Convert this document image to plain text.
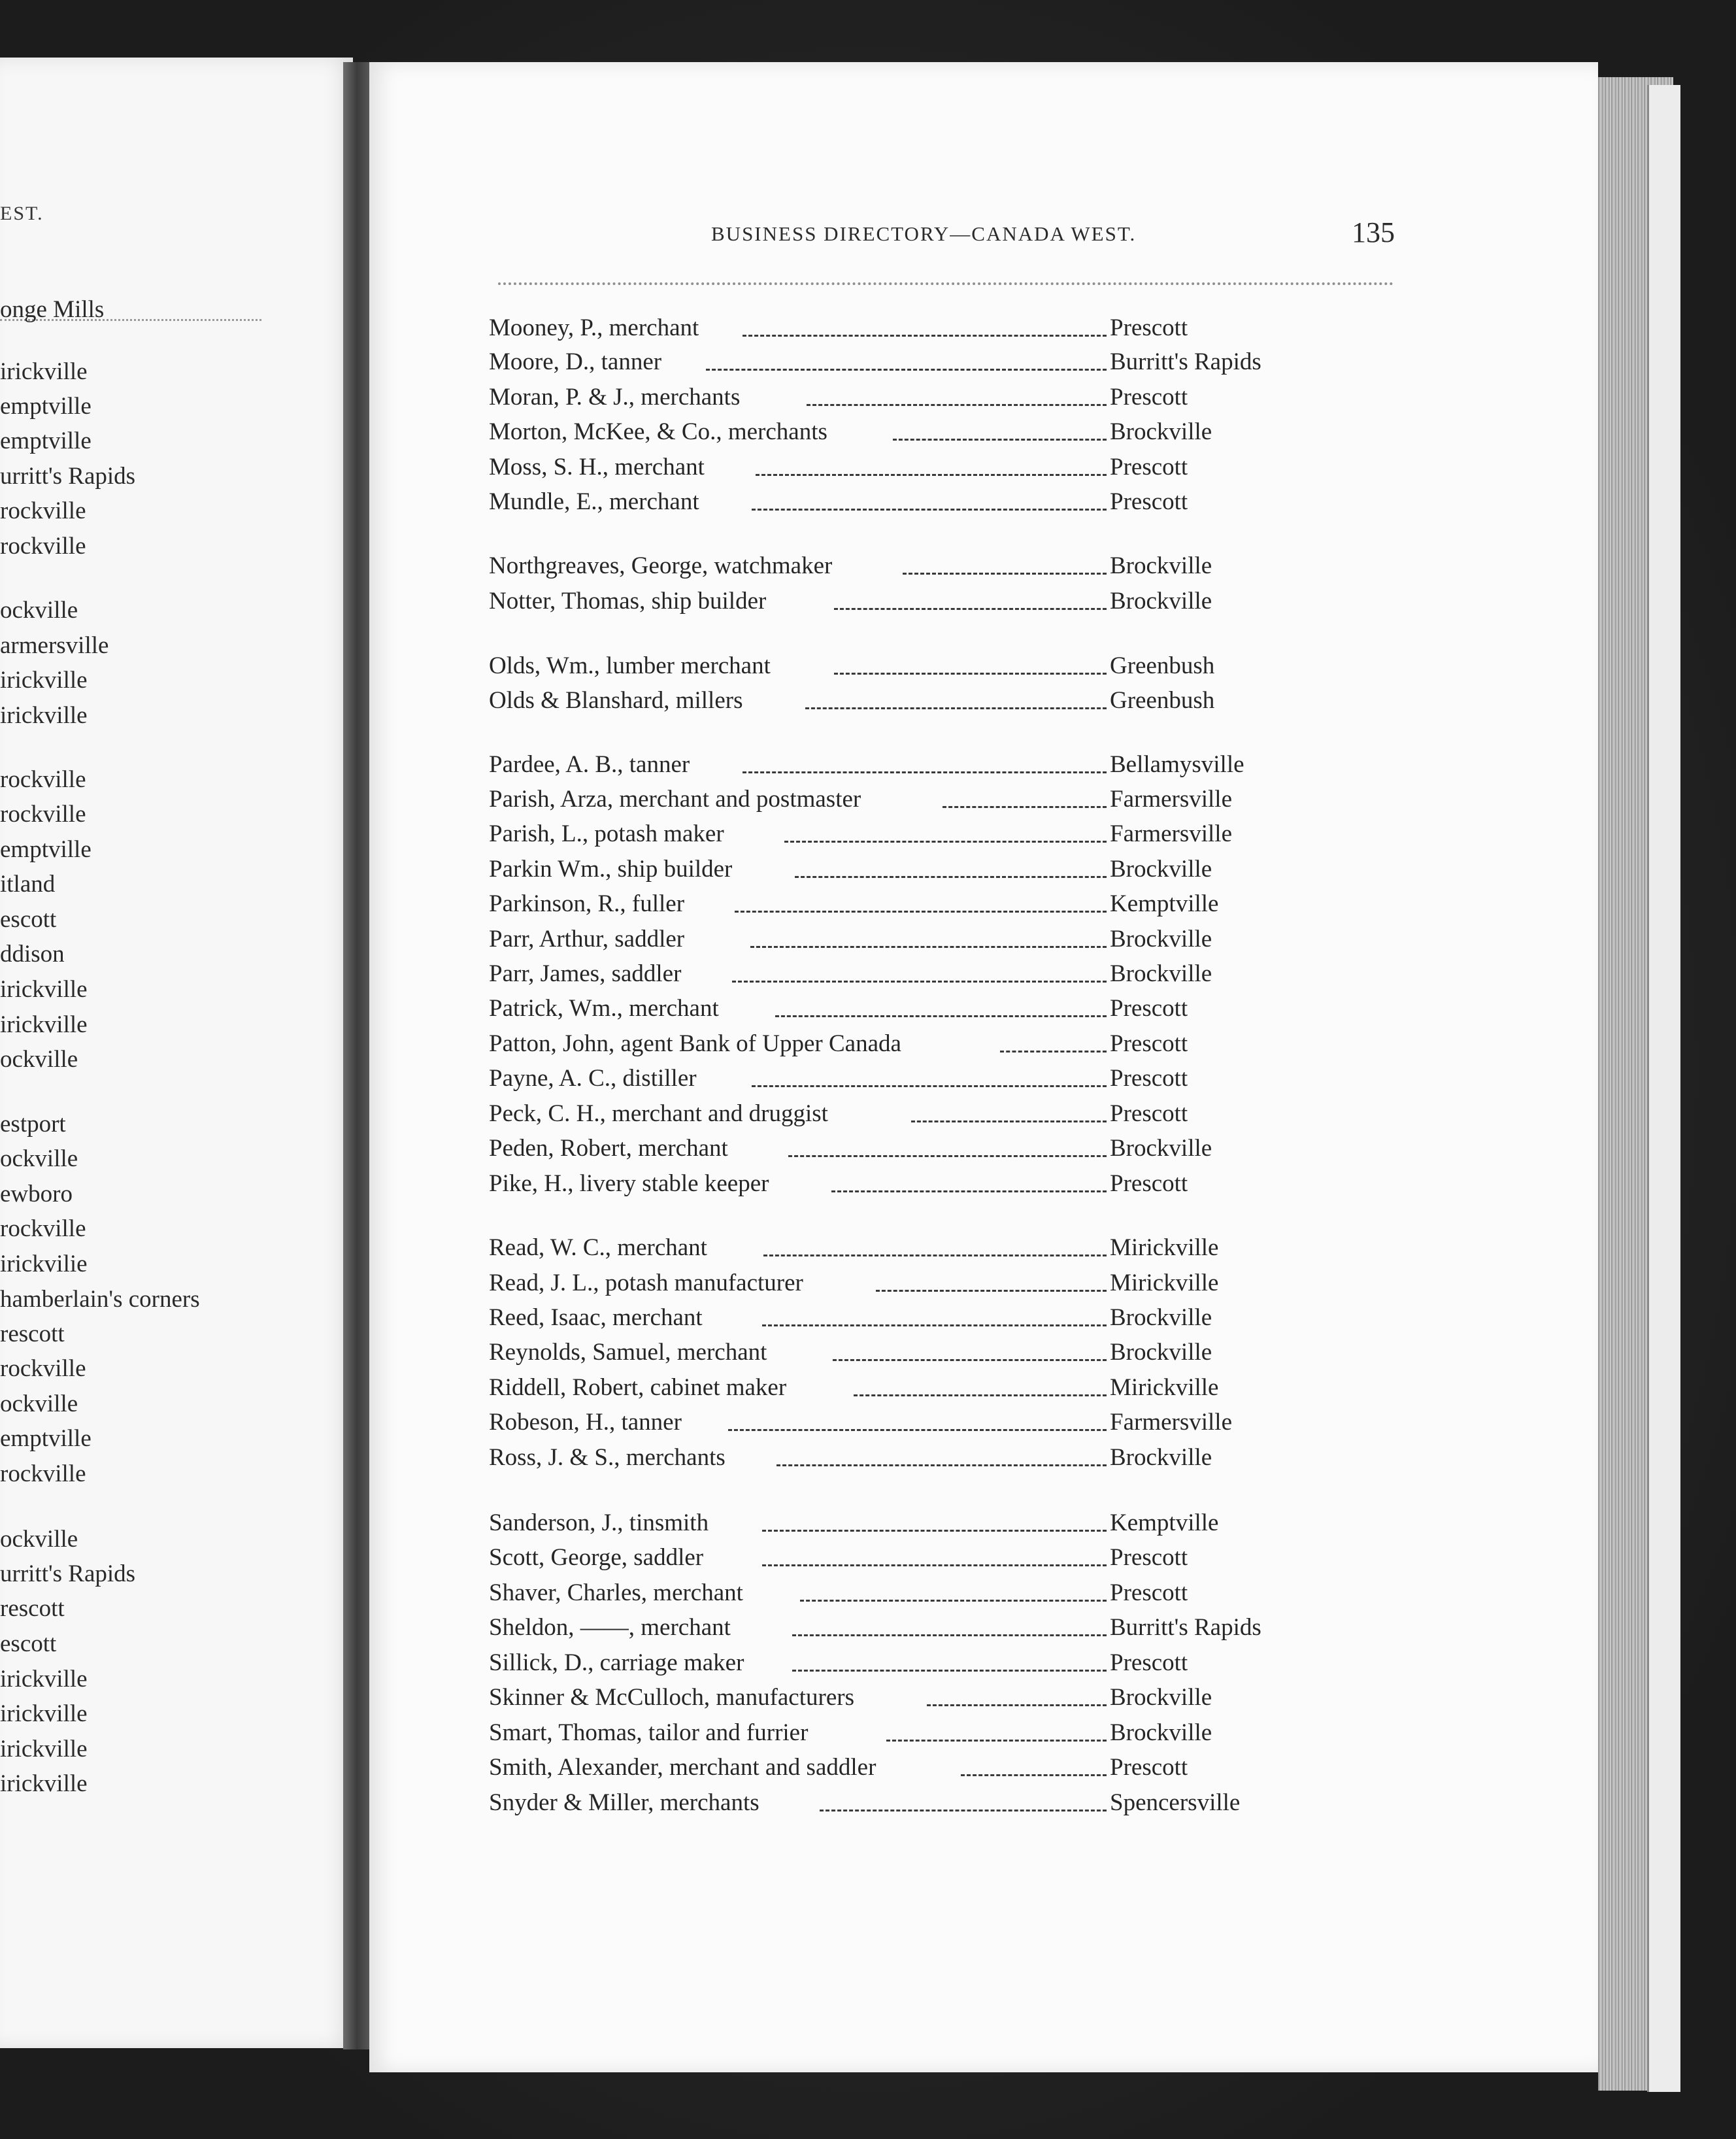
EST.
onge Mills
irickville
emptville
emptville
urritt's Rapids
rockville
rockville
ockville
armersville
irickville
irickville
rockville
rockville
emptville
itland
escott
ddison
irickville
irickville
ockville
estport
ockville
ewboro
rockville
irickvilie
hamberlain's corners
rescott
rockville
ockville
emptville
rockville
ockville
urritt's Rapids
rescott
escott
irickville
irickville
irickville
irickville
BUSINESS DIRECTORY—CANADA WEST.	135
Mooney, P., merchant	Prescott
Moore, D., tanner	Burritt's Rapids
Moran, P. & J., merchants	Prescott
Morton, McKee, & Co., merchants	Brockville
Moss, S. H., merchant	Prescott
Mundle, E., merchant	Prescott
Northgreaves, George, watchmaker	Brockville
Notter, Thomas, ship builder	Brockville
Olds, Wm., lumber merchant	Greenbush
Olds & Blanshard, millers	Greenbush
Pardee, A. B., tanner	Bellamysville
Parish, Arza, merchant and postmaster	Farmersville
Parish, L., potash maker	Farmersville
Parkin Wm., ship builder	Brockville
Parkinson, R., fuller	Kemptville
Parr, Arthur, saddler	Brockville
Parr, James, saddler	Brockville
Patrick, Wm., merchant	Prescott
Patton, John, agent Bank of Upper Canada	Prescott
Payne, A. C., distiller	Prescott
Peck, C. H., merchant and druggist	Prescott
Peden, Robert, merchant	Brockville
Pike, H., livery stable keeper	Prescott
Read, W. C., merchant	Mirickville
Read, J. L., potash manufacturer	Mirickville
Reed, Isaac, merchant	Brockville
Reynolds, Samuel, merchant	Brockville
Riddell, Robert, cabinet maker	Mirickville
Robeson, H., tanner	Farmersville
Ross, J. & S., merchants	Brockville
Sanderson, J., tinsmith	Kemptville
Scott, George, saddler	Prescott
Shaver, Charles, merchant	Prescott
Sheldon, ——, merchant	Burritt's Rapids
Sillick, D., carriage maker	Prescott
Skinner & McCulloch, manufacturers	Brockville
Smart, Thomas, tailor and furrier	Brockville
Smith, Alexander, merchant and saddler	Prescott
Snyder & Miller, merchants	Spencersville
